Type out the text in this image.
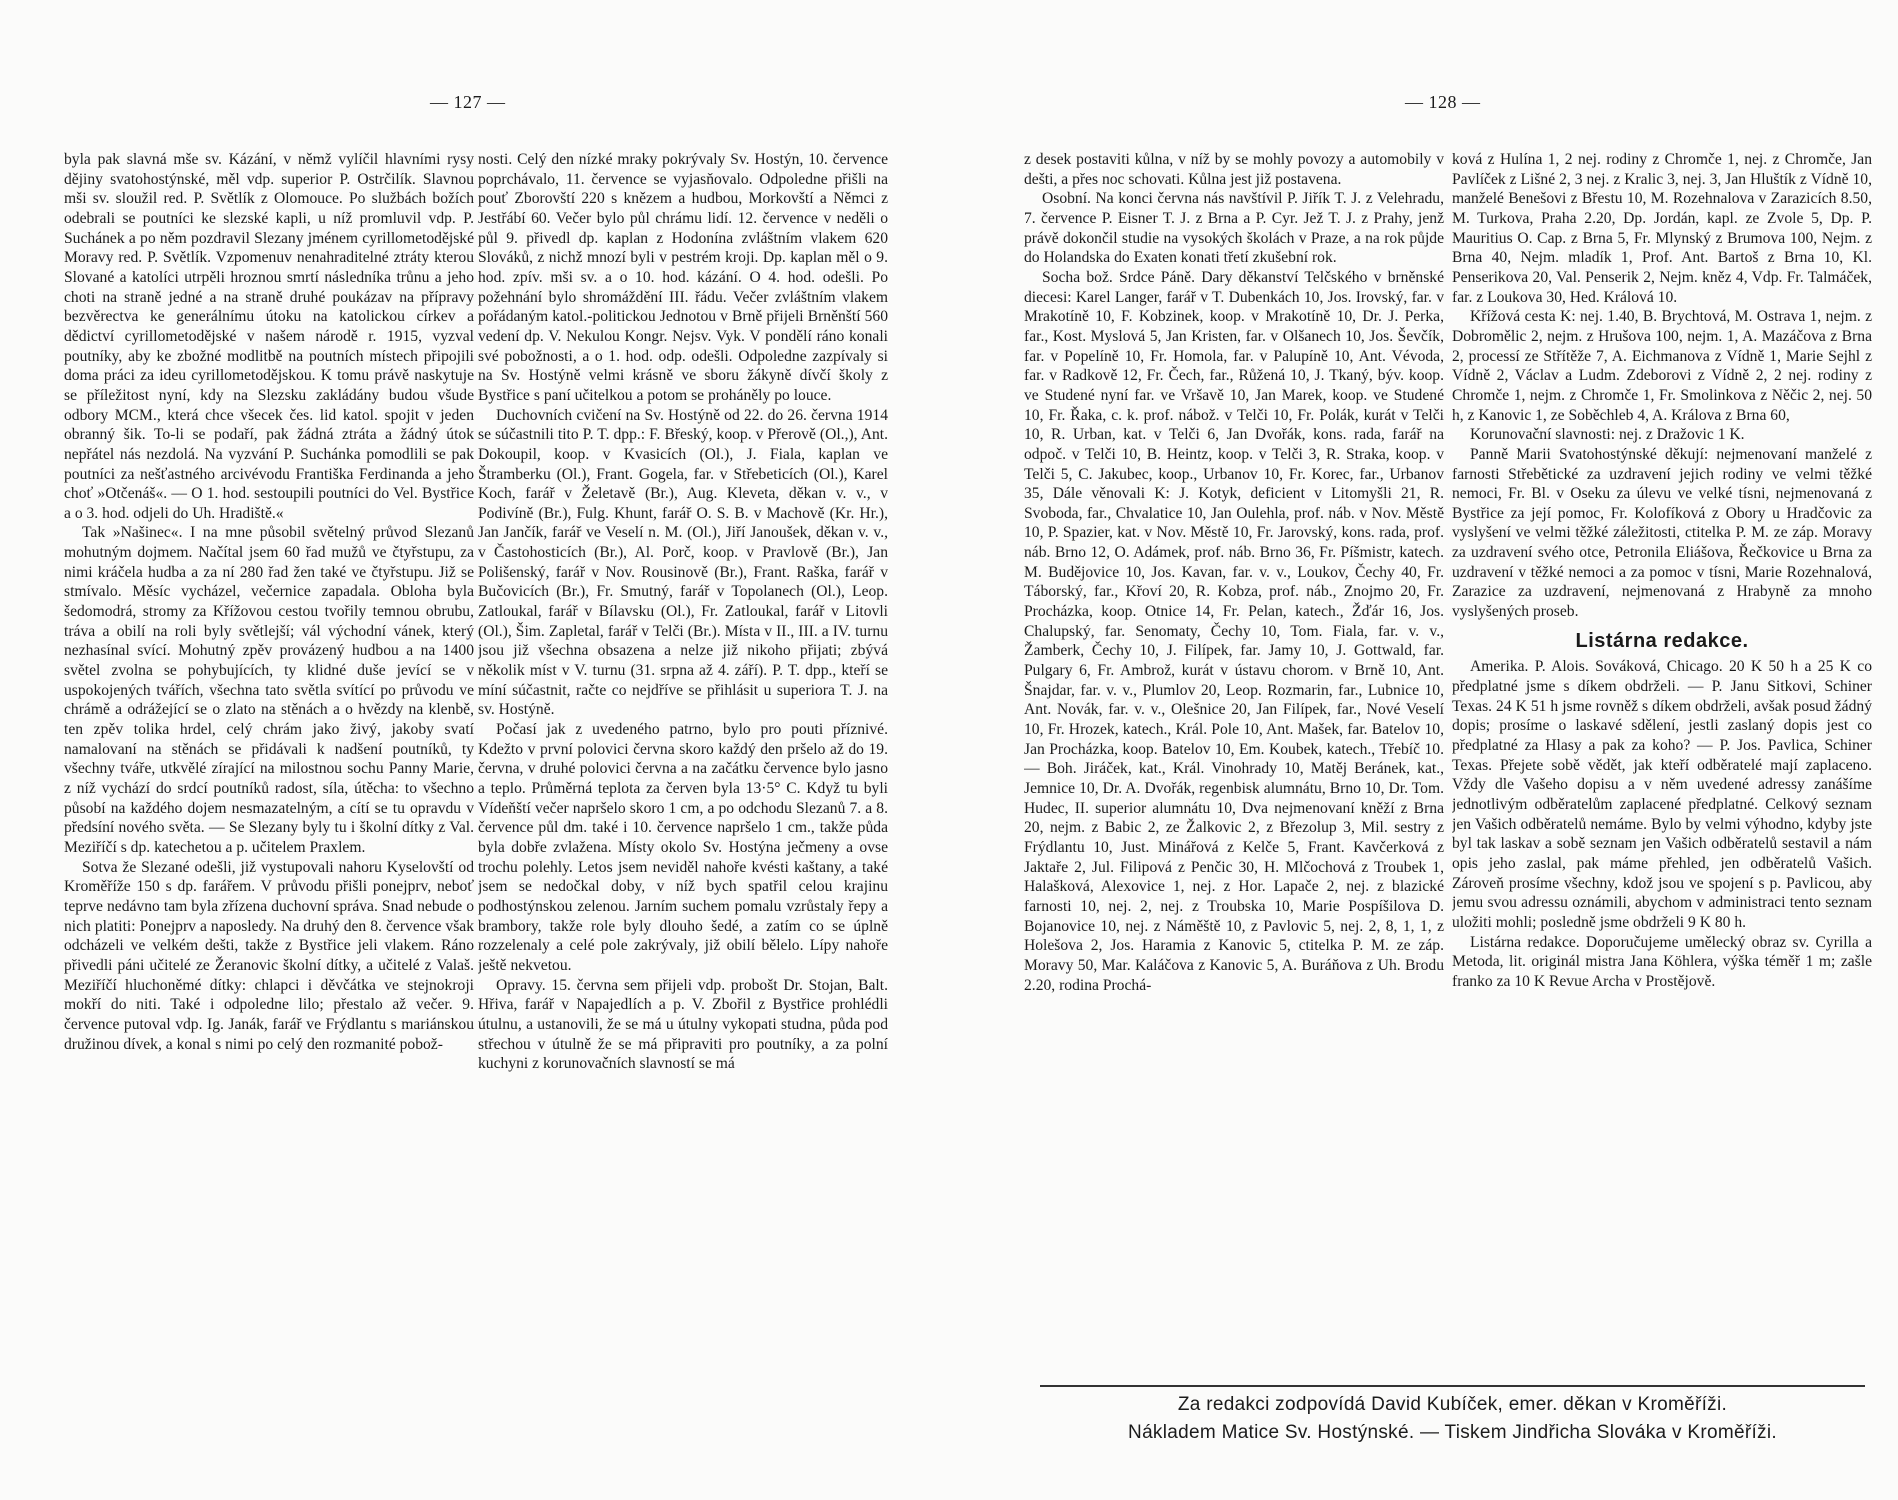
— 127 —	— 128 —

byla pak slavná mše sv. Kázání, v němž vylíčil hlavními rysy dějiny svatohostýnské, měl vdp. superior P. Ostrčilík. Slavnou mši sv. sloužil red. P. Světlík z Olomouce. Po službách božích odebrali se poutníci ke slezské kapli, u níž promluvil vdp. P. Suchánek a po něm pozdravil Slezany jménem cyrillometodějské Moravy red. P. Světlík. Vzpomenuv nenahraditelné ztráty kterou Slované a katolíci utrpěli hroznou smrtí následníka trůnu a jeho choti na straně jedné a na straně druhé poukázav na přípravy bezvěrectva ke generálnímu útoku na katolickou církev a dědictví cyrillometodějské v našem národě r. 1915, vyzval poutníky, aby ke zbožné modlitbě na poutních místech připojili doma práci za ideu cyrillometodějskou. K tomu právě naskytuje se příležitost nyní, kdy na Slezsku zakládány budou všude odbory MCM., která chce všecek čes. lid katol. spojit v jeden obranný šik. To-li se podaří, pak žádná ztráta a žádný útok nepřátel nás nezdolá. Na vyzvání P. Suchánka pomodlili se pak poutníci za nešťastného arcivévodu Františka Ferdinanda a jeho choť »Otčenáš«. — O 1. hod. sestoupili poutníci do Vel. Bystřice a o 3. hod. odjeli do Uh. Hradiště.«

Tak »Našinec«. I na mne působil světelný průvod Slezanů mohutným dojmem. Načítal jsem 60 řad mužů ve čtyřstupu, za nimi kráčela hudba a za ní 280 řad žen také ve čtyřstupu. Již se stmívalo. Měsíc vycházel, večernice zapadala. Obloha byla šedomodrá, stromy za Křížovou cestou tvořily temnou obrubu, tráva a obilí na roli byly světlejší; vál východní vánek, který nezhasínal svící. Mohutný zpěv provázený hudbou a na 1400 světel zvolna se pohybujících, ty klidné duše jevící se v uspokojených tvářích, všechna tato světla svítící po průvodu ve chrámě a odrážející se o zlato na stěnách a o hvězdy na klenbě, ten zpěv tolika hrdel, celý chrám jako živý, jakoby svatí namalovaní na stěnách se přidávali k nadšení poutníků, ty všechny tváře, utkvělé zírající na milostnou sochu Panny Marie, z níž vychází do srdcí poutníků radost, síla, útěcha: to všechno působí na každého dojem nesmazatelným, a cítí se tu opravdu v předsíní nového světa. — Se Slezany byly tu i školní dítky z Val. Meziříčí s dp. katechetou a p. učitelem Praxlem.

Sotva že Slezané odešli, již vystupovali nahoru Kyselovští od Kroměříže 150 s dp. farářem. V průvodu přišli ponejprv, neboť teprve nedávno tam byla zřízena duchovní správa. Snad nebude o nich platiti: Ponejprv a naposledy. Na druhý den 8. července však odcházeli ve velkém dešti, takže z Bystřice jeli vlakem. Ráno přivedli páni učitelé ze Žeranovic školní dítky, a učitelé z Valaš. Meziříčí hluchoněmé dítky: chlapci i děvčátka ve stejnokroji mokří do niti. Také i odpoledne lilo; přestalo až večer. 9. července putoval vdp. Ig. Janák, farář ve Frýdlantu s mariánskou družinou dívek, a konal s nimi po celý den rozmanité pobož-

nosti. Celý den nízké mraky pokrývaly Sv. Hostýn, 10. července poprchávalo, 11. července se vyjasňovalo. Odpoledne přišli na pouť Zborovští 220 s knězem a hudbou, Morkovští a Němci z Jestřábí 60. Večer bylo půl chrámu lidí. 12. července v neděli o půl 9. přivedl dp. kaplan z Hodonína zvláštním vlakem 620 Slováků, z nichž mnozí byli v pestrém kroji. Dp. kaplan měl o 9. hod. zpív. mši sv. a o 10. hod. kázání. O 4. hod. odešli. Po požehnání bylo shromáždění III. řádu. Večer zvláštním vlakem pořádaným katol.-politickou Jednotou v Brně přijeli Brněnští 560 vedení dp. V. Nekulou Kongr. Nejsv. Vyk. V pondělí ráno konali své pobožnosti, a o 1. hod. odp. odešli. Odpoledne zazpívaly si na Sv. Hostýně velmi krásně ve sboru žákyně dívčí školy z Bystřice s paní učitelkou a potom se proháněly po louce.

Duchovních cvičení na Sv. Hostýně od 22. do 26. června 1914 se súčastnili tito P. T. dpp.: F. Břeský, koop. v Přerově (Ol.,), Ant. Dokoupil, koop. v Kvasicích (Ol.), J. Fiala, kaplan ve Štramberku (Ol.), Frant. Gogela, far. v Střebeticích (Ol.), Karel Koch, farář v Želetavě (Br.), Aug. Kleveta, děkan v. v., v Podivíně (Br.), Fulg. Khunt, farář O. S. B. v Machově (Kr. Hr.), Jan Jančík, farář ve Veselí n. M. (Ol.), Jiří Janoušek, děkan v. v., v Častohosticích (Br.), Al. Porč, koop. v Pravlově (Br.), Jan Polišenský, farář v Nov. Rousinově (Br.), Frant. Raška, farář v Bučovicích (Br.), Fr. Smutný, farář v Topolanech (Ol.), Leop. Zatloukal, farář v Bílavsku (Ol.), Fr. Zatloukal, farář v Litovli (Ol.), Šim. Zapletal, farář v Telči (Br.). Místa v II., III. a IV. turnu jsou již všechna obsazena a nelze již nikoho přijati; zbývá několik míst v V. turnu (31. srpna až 4. září). P. T. dpp., kteří se míní súčastnit, račte co nejdříve se přihlásit u superiora T. J. na sv. Hostýně.

Počasí jak z uvedeného patrno, bylo pro pouti příznivé. Kdežto v první polovici června skoro každý den pršelo až do 19. června, v druhé polovici června a na začátku července bylo jasno a teplo. Průměrná teplota za červen byla 13·5° C. Když tu byli Vídeňští večer napršelo skoro 1 cm, a po odchodu Slezanů 7. a 8. července půl dm. také i 10. července napršelo 1 cm., takže půda byla dobře zvlažena. Místy okolo Sv. Hostýna ječmeny a ovse trochu polehly. Letos jsem neviděl nahoře kvésti kaštany, a také jsem se nedočkal doby, v níž bych spatřil celou krajinu podhostýnskou zelenou. Jarním suchem pomalu vzrůstaly řepy a brambory, takže role byly dlouho šedé, a zatím co se úplně rozzelenaly a celé pole zakrývaly, již obilí bělelo. Lípy nahoře ještě nekvetou.

Opravy. 15. června sem přijeli vdp. probošt Dr. Stojan, Balt. Hřiva, farář v Napajedlích a p. V. Zbořil z Bystřice prohlédli útulnu, a ustanovili, že se má u útulny vykopati studna, půda pod střechou v útulně že se má připraviti pro poutníky, a za polní kuchyni z korunovačních slavností se má

z desek postaviti kůlna, v níž by se mohly povozy a automobily v dešti, a přes noc schovati. Kůlna jest již postavena.

Osobní. Na konci června nás navštívil P. Jiřík T. J. z Velehradu, 7. července P. Eisner T. J. z Brna a P. Cyr. Jež T. J. z Prahy, jenž právě dokončil studie na vysokých školách v Praze, a na rok půjde do Holandska do Exaten konati třetí zkušební rok.

Socha bož. Srdce Páně. Dary děkanství Telčského v brněnské diecesi: Karel Langer, farář v T. Dubenkách 10, Jos. Irovský, far. v Mrakotíně 10, F. Kobzinek, koop. v Mrakotíně 10, Dr. J. Perka, far., Kost. Myslová 5, Jan Kristen, far. v Olšanech 10, Jos. Ševčík, far. v Popelíně 10, Fr. Homola, far. v Palupíně 10, Ant. Vévoda, far. v Radkově 12, Fr. Čech, far., Růžená 10, J. Tkaný, býv. koop. ve Studené nyní far. ve Vršavě 10, Jan Marek, koop. ve Studené 10, Fr. Řaka, c. k. prof. nábož. v Telči 10, Fr. Polák, kurát v Telči 10, R. Urban, kat. v Telči 6, Jan Dvořák, kons. rada, farář na odpoč. v Telči 10, B. Heintz, koop. v Telči 3, R. Straka, koop. v Telči 5, C. Jakubec, koop., Urbanov 10, Fr. Korec, far., Urbanov 35, Dále věnovali K: J. Kotyk, deficient v Litomyšli 21, R. Svoboda, far., Chvalatice 10, Jan Oulehla, prof. náb. v Nov. Městě 10, P. Spazier, kat. v Nov. Městě 10, Fr. Jarovský, kons. rada, prof. náb. Brno 12, O. Adámek, prof. náb. Brno 36, Fr. Píšmistr, katech. M. Budějovice 10, Jos. Kavan, far. v. v., Loukov, Čechy 40, Fr. Táborský, far., Křoví 20, R. Kobza, prof. náb., Znojmo 20, Fr. Procházka, koop. Otnice 14, Fr. Pelan, katech., Žďár 16, Jos. Chalupský, far. Senomaty, Čechy 10, Tom. Fiala, far. v. v., Žamberk, Čechy 10, J. Filípek, far. Jamy 10, J. Gottwald, far. Pulgary 6, Fr. Ambrož, kurát v ústavu chorom. v Brně 10, Ant. Šnajdar, far. v. v., Plumlov 20, Leop. Rozmarin, far., Lubnice 10, Ant. Novák, far. v. v., Olešnice 20, Jan Filípek, far., Nové Veselí 10, Fr. Hrozek, katech., Král. Pole 10, Ant. Mašek, far. Batelov 10, Jan Procházka, koop. Batelov 10, Em. Koubek, katech., Třebíč 10. — Boh. Jiráček, kat., Král. Vinohrady 10, Matěj Beránek, kat., Jemnice 10, Dr. A. Dvořák, regenbisk alumnátu, Brno 10, Dr. Tom. Hudec, II. superior alumnátu 10, Dva nejmenovaní kněží z Brna 20, nejm. z Babic 2, ze Žalkovic 2, z Březolup 3, Mil. sestry z Frýdlantu 10, Just. Minářová z Kelče 5, Frant. Kavčerková z Jaktaře 2, Jul. Filipová z Penčic 30, H. Mlčochová z Troubek 1, Halašková, Alexovice 1, nej. z Hor. Lapače 2, nej. z blazické farnosti 10, nej. 2, nej. z Troubska 10, Marie Pospíšilova D. Bojanovice 10, nej. z Náměště 10, z Pavlovic 5, nej. 2, 8, 1, 1, z Holešova 2, Jos. Haramia z Kanovic 5, ctitelka P. M. ze záp. Moravy 50, Mar. Kaláčova z Kanovic 5, A. Buráňova z Uh. Brodu 2.20, rodina Prochá-

ková z Hulína 1, 2 nej. rodiny z Chromče 1, nej. z Chromče, Jan Pavlíček z Lišné 2, 3 nej. z Kralic 3, nej. 3, Jan Hluštík z Vídně 10, manželé Benešovi z Břestu 10, M. Rozehnalova v Zarazicích 8.50, M. Turkova, Praha 2.20, Dp. Jordán, kapl. ze Zvole 5, Dp. P. Mauritius O. Cap. z Brna 5, Fr. Mlynský z Brumova 100, Nejm. z Brna 40, Nejm. mladík 1, Prof. Ant. Bartoš z Brna 10, Kl. Penserikova 20, Val. Penserik 2, Nejm. kněz 4, Vdp. Fr. Talmáček, far. z Loukova 30, Hed. Králová 10.

Křížová cesta K: nej. 1.40, B. Brychtová, M. Ostrava 1, nejm. z Dobromělic 2, nejm. z Hrušova 100, nejm. 1, A. Mazáčova z Brna 2, processí ze Střítěže 7, A. Eichmanova z Vídně 1, Marie Sejhl z Vídně 2, Václav a Ludm. Zdeborovi z Vídně 2, 2 nej. rodiny z Chromče 1, nejm. z Chromče 1, Fr. Smolinkova z Něčic 2, nej. 50 h, z Kanovic 1, ze Soběchleb 4, A. Králova z Brna 60,

Korunovační slavnosti: nej. z Dražovic 1 K.

Panně Marii Svatohostýnské děkují: nejmenovaní manželé z farnosti Střebětické za uzdravení jejich rodiny ve velmi těžké nemoci, Fr. Bl. v Oseku za úlevu ve velké tísni, nejmenovaná z Bystřice za její pomoc, Fr. Kolofíková z Obory u Hradčovic za vyslyšení ve velmi těžké záležitosti, ctitelka P. M. ze záp. Moravy za uzdravení svého otce, Petronila Eliášova, Řečkovice u Brna za uzdravení v těžké nemoci a za pomoc v tísni, Marie Rozehnalová, Zarazice za uzdravení, nejmenovaná z Hrabyně za mnoho vyslyšených proseb.

Listárna redakce.

Amerika. P. Alois. Sováková, Chicago. 20 K 50 h a 25 K co předplatné jsme s díkem obdrželi. — P. Janu Sitkovi, Schiner Texas. 24 K 51 h jsme rovněž s díkem obdrželi, avšak posud žádný dopis; prosíme o laskavé sdělení, jestli zaslaný dopis jest co předplatné za Hlasy a pak za koho? — P. Jos. Pavlica, Schiner Texas. Přejete sobě vědět, jak kteří odběratelé mají zaplaceno. Vždy dle Vašeho dopisu a v něm uvedené adressy zanášíme jednotlivým odběratelům zaplacené předplatné. Celkový seznam jen Vašich odběratelů nemáme. Bylo by velmi výhodno, kdyby jste byl tak laskav a sobě seznam jen Vašich odběratelů sestavil a nám opis jeho zaslal, pak máme přehled, jen odběratelů Vašich. Zároveň prosíme všechny, kdož jsou ve spojení s p. Pavlicou, aby jemu svou adressu oznámili, abychom v administraci tento seznam uložiti mohli; posledně jsme obdrželi 9 K 80 h.

Listárna redakce. Doporučujeme umělecký obraz sv. Cyrilla a Metoda, lit. originál mistra Jana Köhlera, výška téměř 1 m; zašle franko za 10 K Revue Archa v Prostějově.

Za redakci zodpovídá David Kubíček, emer. děkan v Kroměříži.
Nákladem Matice Sv. Hostýnské. — Tiskem Jindřicha Slováka v Kroměříži.
